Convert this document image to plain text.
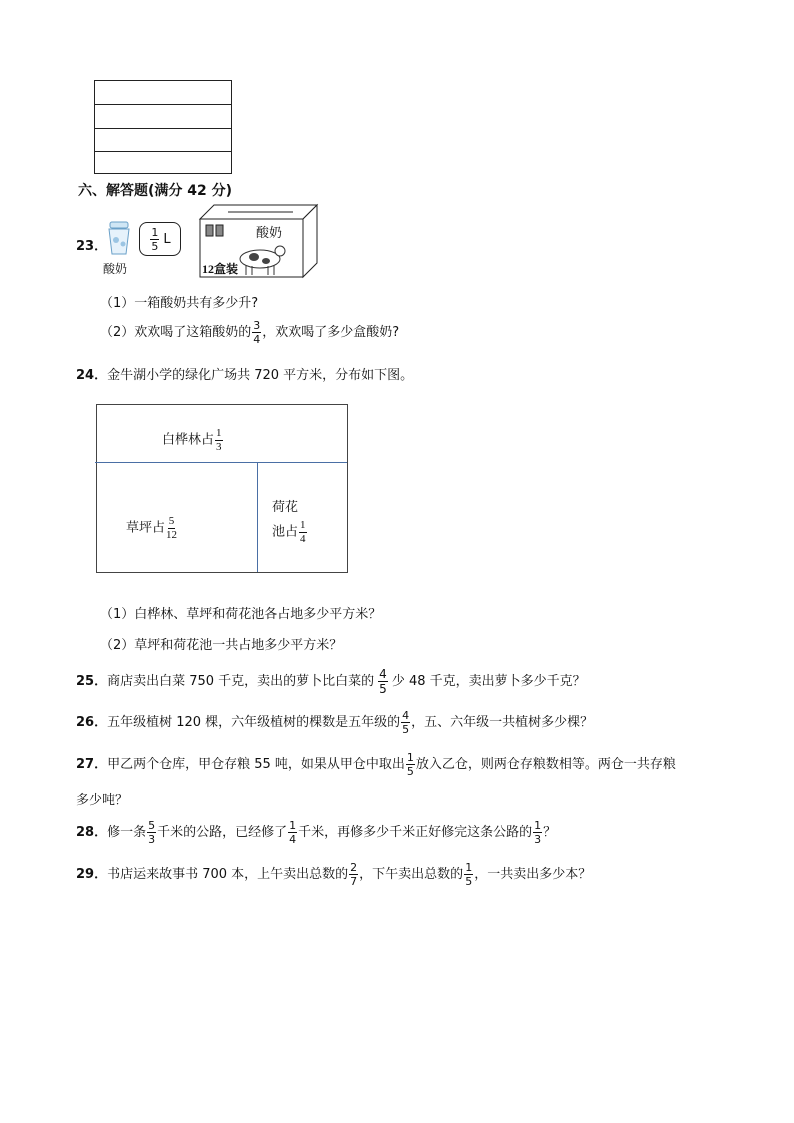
六、解答题(满分 42 分)
23．
酸奶
$\frac{1}{5}$ L	酸奶
12盒装
（1）一箱酸奶共有多少升?
（2）欢欢喝了这箱酸奶的 $\frac{3}{4}$ ，欢欢喝了多少盒酸奶?
24．金牛湖小学的绿化广场共 720 平方米，分布如下图。
白桦林占 $\frac{1}{3}$
草坪占 $\frac{5}{12}$
荷花
池占 $\frac{1}{4}$
（1）白桦林、草坪和荷花池各占地多少平方米？
（2）草坪和荷花池一共占地多少平方米？
25．商店卖出白菜 750 千克，卖出的萝卜比白菜的 $\frac{4}{5}$ 少 48 千克，卖出萝卜多少千克？
26．五年级植树 120 棵，六年级植树的棵数是五年级的 $\frac{4}{5}$ ，五、六年级一共植树多少棵？
27．甲乙两个仓库，甲仓存粮 55 吨，如果从甲仓中取出 $\frac{1}{5}$ 放入乙仓，则两仓存粮数相等。两仓一共存粮
多少吨？
28．修一条 $\frac{5}{3}$ 千米的公路，已经修了 $\frac{1}{4}$ 千米，再修多少千米正好修完这条公路的 $\frac{1}{3}$ ？
29．书店运来故事书 700 本，上午卖出总数的 $\frac{2}{7}$ ，下午卖出总数的 $\frac{1}{5}$ ，一共卖出多少本？
